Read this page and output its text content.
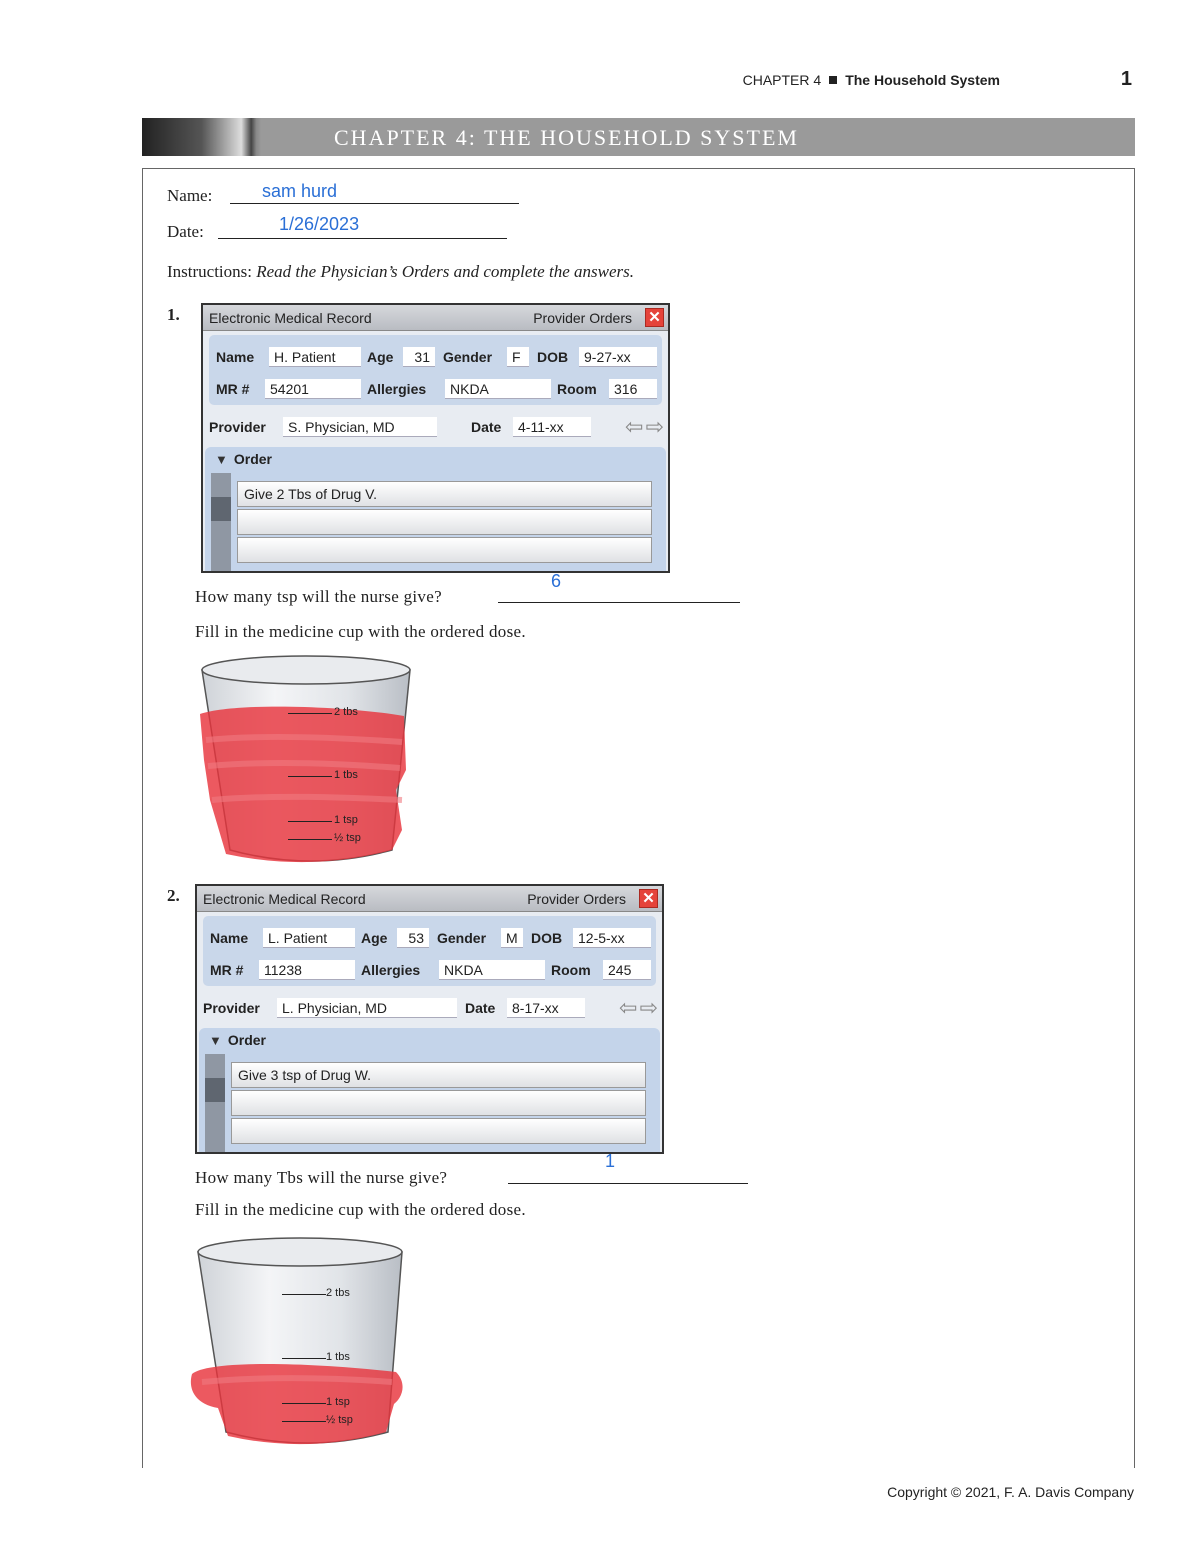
CHAPTER 4 The Household System	1
CHAPTER 4: THE HOUSEHOLD SYSTEM
Name:	sam hurd
Date:	1/26/2023
Instructions: Read the Physician’s Orders and complete the answers.
1. Electronic Medical Record	Provider Orders ✕
Name	H. Patient	Age	31 Gender	F	DOB	9-27-xx
MR #	54201	Allergies	NKDA	Room	316
Provider	S. Physician, MD	Date	4-11-xx	⇦ ⇨
▼ Order
Give 2 Tbs of Drug V.
How many tsp will the nurse give?
6
Fill in the medicine cup with the ordered dose.
2 tbs
1 tbs
1 tsp
½ tsp
2. Electronic Medical Record	Provider Orders ✕
Name	L. Patient	Age	53 Gender	M DOB	12-5-xx
MR #	11238	Allergies	NKDA	Room	245
Provider	L. Physician, MD	Date	8-17-xx	⇦ ⇨
▼ Order
Give 3 tsp of Drug W.
How many Tbs will the nurse give?
1
Fill in the medicine cup with the ordered dose.
2 tbs
1 tbs
1 tsp
½ tsp
Copyright © 2021, F. A. Davis Company
